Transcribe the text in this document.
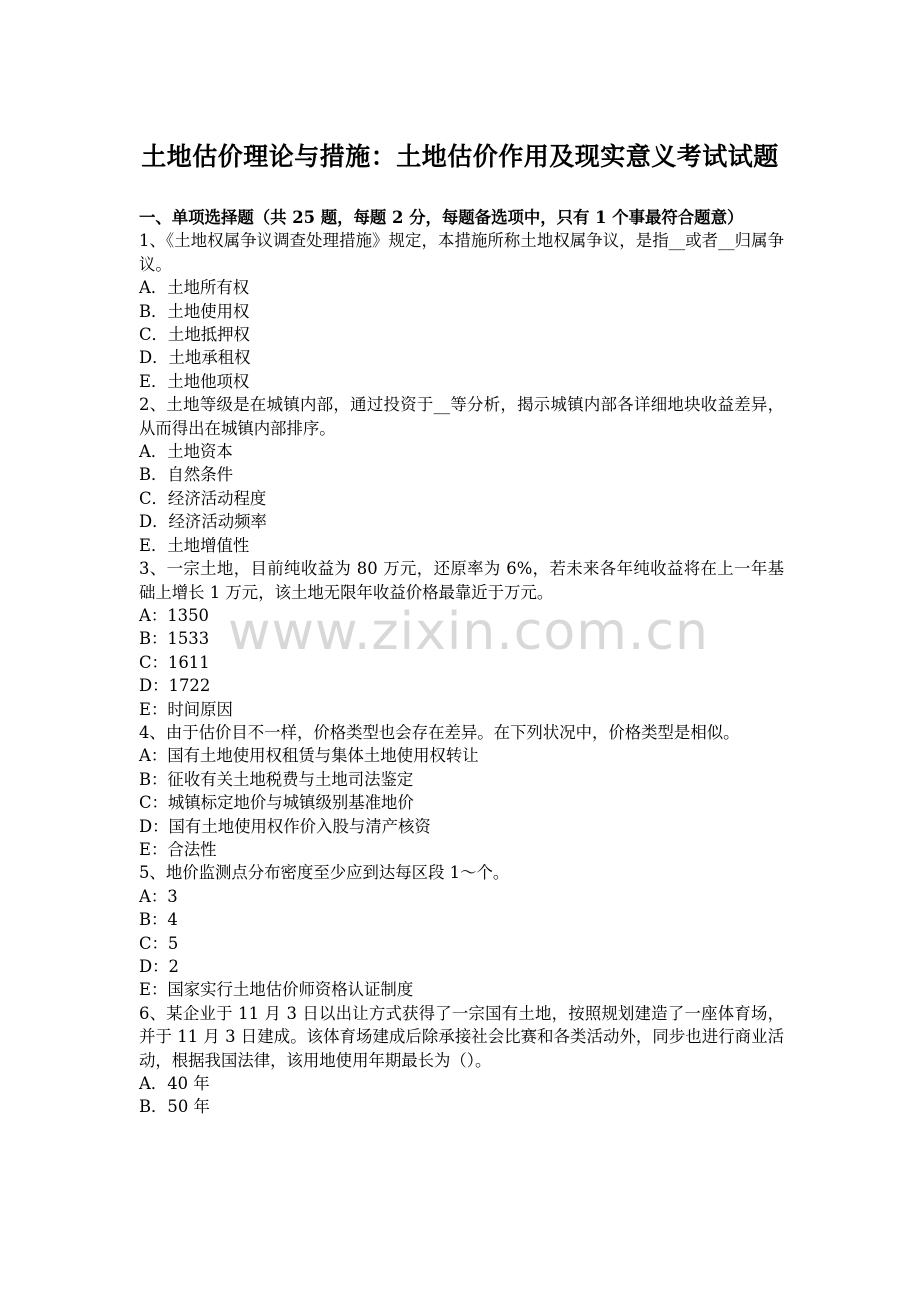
土地估价理论与措施：土地估价作用及现实意义考试试题
一、单项选择题（共 25 题，每题 2 分，每题备选项中，只有 1 个事最符合题意）
1、《土地权属争议调查处理措施》规定，本措施所称土地权属争议，是指__或者__归属争议。
A．土地所有权
B．土地使用权
C．土地抵押权
D．土地承租权
E．土地他项权
2、土地等级是在城镇内部，通过投资于__等分析，揭示城镇内部各详细地块收益差异，从而得出在城镇内部排序。
A．土地资本
B．自然条件
C．经济活动程度
D．经济活动频率
E．土地增值性
3、一宗土地，目前纯收益为 80 万元，还原率为 6%，若未来各年纯收益将在上一年基础上增长 1 万元，该土地无限年收益价格最靠近于万元。
A：1350
B：1533
C：1611
D：1722
E：时间原因
4、由于估价目不一样，价格类型也会存在差异。在下列状况中，价格类型是相似。
A：国有土地使用权租赁与集体土地使用权转让
B：征收有关土地税费与土地司法鉴定
C：城镇标定地价与城镇级别基准地价
D：国有土地使用权作价入股与清产核资
E：合法性
5、地价监测点分布密度至少应到达每区段 1～个。
A：3
B：4
C：5
D：2
E：国家实行土地估价师资格认证制度
6、某企业于 11 月 3 日以出让方式获得了一宗国有土地，按照规划建造了一座体育场，并于 11 月 3 日建成。该体育场建成后除承接社会比赛和各类活动外，同步也进行商业活动，根据我国法律，该用地使用年期最长为（）。
A．40 年
B．50 年
www.zixin.com.cn
